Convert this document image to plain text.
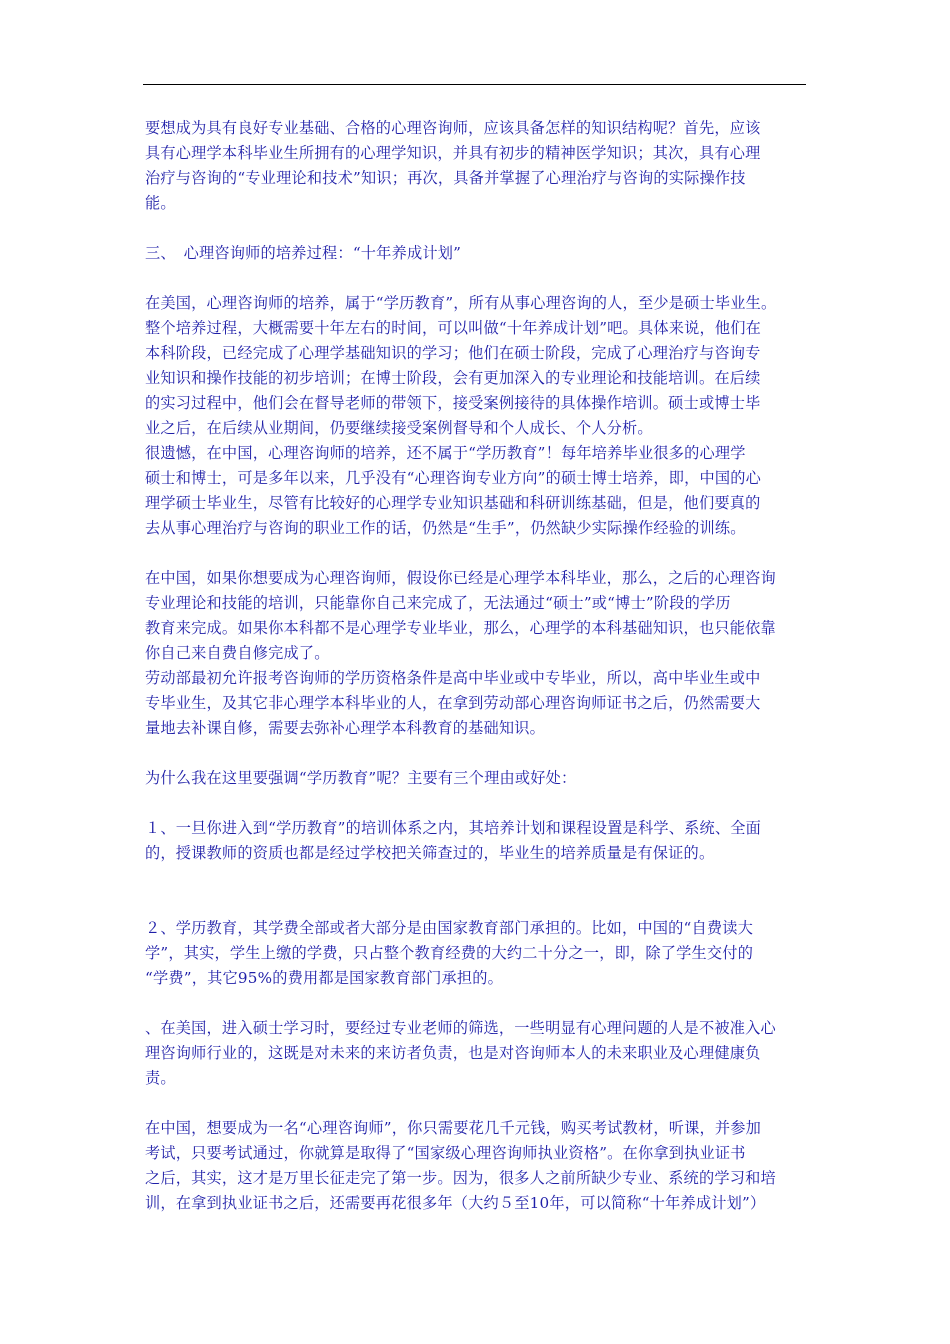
要想成为具有良好专业基础、合格的心理咨询师，应该具备怎样的知识结构呢？首先，应该

具有心理学本科毕业生所拥有的心理学知识，并具有初步的精神医学知识；其次，具有心理

治疗与咨询的“专业理论和技术”知识；再次，具备并掌握了心理治疗与咨询的实际操作技

能。

三、　心理咨询师的培养过程：“十年养成计划”

在美国，心理咨询师的培养，属于“学历教育”，所有从事心理咨询的人，至少是硕士毕业生。

整个培养过程，大概需要十年左右的时间，可以叫做“十年养成计划”吧。具体来说，他们在

本科阶段，已经完成了心理学基础知识的学习；他们在硕士阶段，完成了心理治疗与咨询专

业知识和操作技能的初步培训；在博士阶段，会有更加深入的专业理论和技能培训。在后续

的实习过程中，他们会在督导老师的带领下，接受案例接待的具体操作培训。硕士或博士毕

业之后，在后续从业期间，仍要继续接受案例督导和个人成长、个人分析。

很遗憾，在中国，心理咨询师的培养，还不属于“学历教育”！每年培养毕业很多的心理学

硕士和博士，可是多年以来，几乎没有“心理咨询专业方向”的硕士博士培养，即，中国的心

理学硕士毕业生，尽管有比较好的心理学专业知识基础和科研训练基础，但是，他们要真的

去从事心理治疗与咨询的职业工作的话，仍然是“生手”，仍然缺少实际操作经验的训练。

在中国，如果你想要成为心理咨询师，假设你已经是心理学本科毕业，那么，之后的心理咨询

专业理论和技能的培训，只能靠你自己来完成了，无法通过“硕士”或“博士”阶段的学历

教育来完成。如果你本科都不是心理学专业毕业，那么，心理学的本科基础知识，也只能依靠

你自己来自费自修完成了。

劳动部最初允许报考咨询师的学历资格条件是高中毕业或中专毕业，所以，高中毕业生或中

专毕业生，及其它非心理学本科毕业的人，在拿到劳动部心理咨询师证书之后，仍然需要大

量地去补课自修，需要去弥补心理学本科教育的基础知识。

为什么我在这里要强调“学历教育”呢？主要有三个理由或好处：

１、一旦你进入到“学历教育”的培训体系之内，其培养计划和课程设置是科学、系统、全面

的，授课教师的资质也都是经过学校把关筛查过的，毕业生的培养质量是有保证的。

２、学历教育，其学费全部或者大部分是由国家教育部门承担的。比如，中国的“自费读大

学”，其实，学生上缴的学费，只占整个教育经费的大约二十分之一，即，除了学生交付的

“学费”，其它95%的费用都是国家教育部门承担的。

、在美国，进入硕士学习时，要经过专业老师的筛选，一些明显有心理问题的人是不被准入心

理咨询师行业的，这既是对未来的来访者负责，也是对咨询师本人的未来职业及心理健康负

责。

在中国，想要成为一名“心理咨询师”，你只需要花几千元钱，购买考试教材，听课，并参加

考试，只要考试通过，你就算是取得了“国家级心理咨询师执业资格”。在你拿到执业证书

之后，其实，这才是万里长征走完了第一步。因为，很多人之前所缺少专业、系统的学习和培

训，在拿到执业证书之后，还需要再花很多年（大约５至10年，可以简称“十年养成计划”）
